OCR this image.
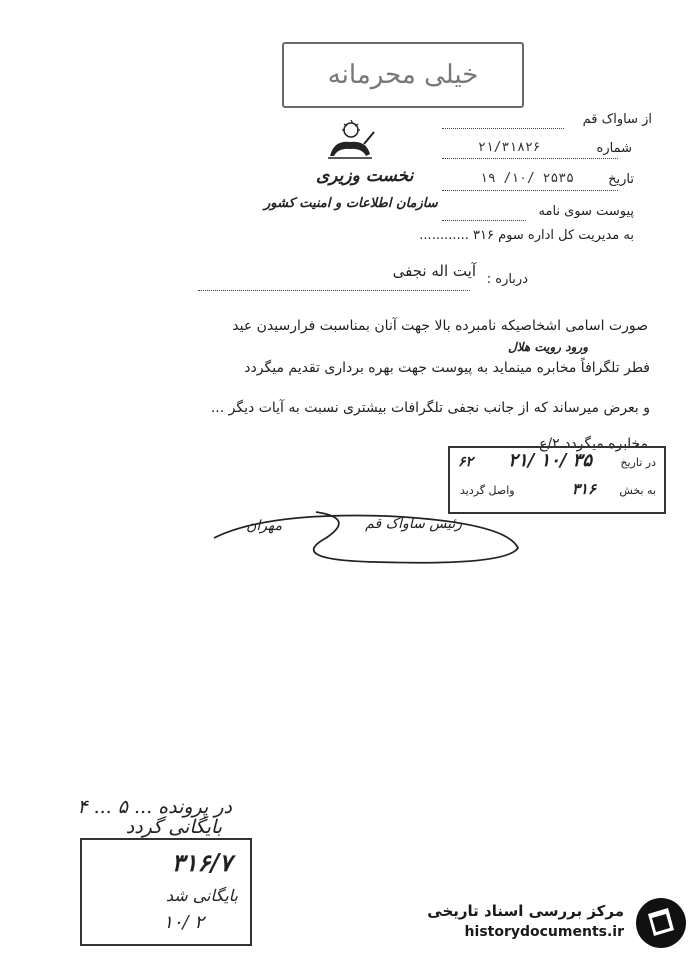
خیلی محرمانه
نخست وزیری
سازمان اطلاعات و امنیت کشور
از ساواک قم
شماره
۲۱/۳۱۸۲۶
تاریخ
۱۹ /۱۰/ ۲۵۳۵
پیوست سوی نامه
به مدیریت کل اداره سوم ۳۱۶ ............
آیت اله نجفی درباره :
صورت اسامی اشخاصیکه نامبرده بالا جهت آنان بمناسبت فرارسیدن عید
ورود رویت هلال
فطر تلگرافاً مخابره مینماید به پیوست جهت بهره برداری تقدیم میگردد
و بعرض میرساند که از جانب نجفی تلگرافات بیشتری نسبت به آیات دیگر ...
مخابره میگردد ۲/ع
در تاریخ
۲۱/ ۱۰/ ۳۵
۶۲
به بخش
۳۱۶
واصل گردید
رئیس ساواک قم
مهران
در پرونده ... ۵ ... ۴
بایگانی گردد
۳۱۶/۷
بایگانی شد
۱۰/ ۲
مرکز بررسی اسناد تاریخی
historydocuments.ir
